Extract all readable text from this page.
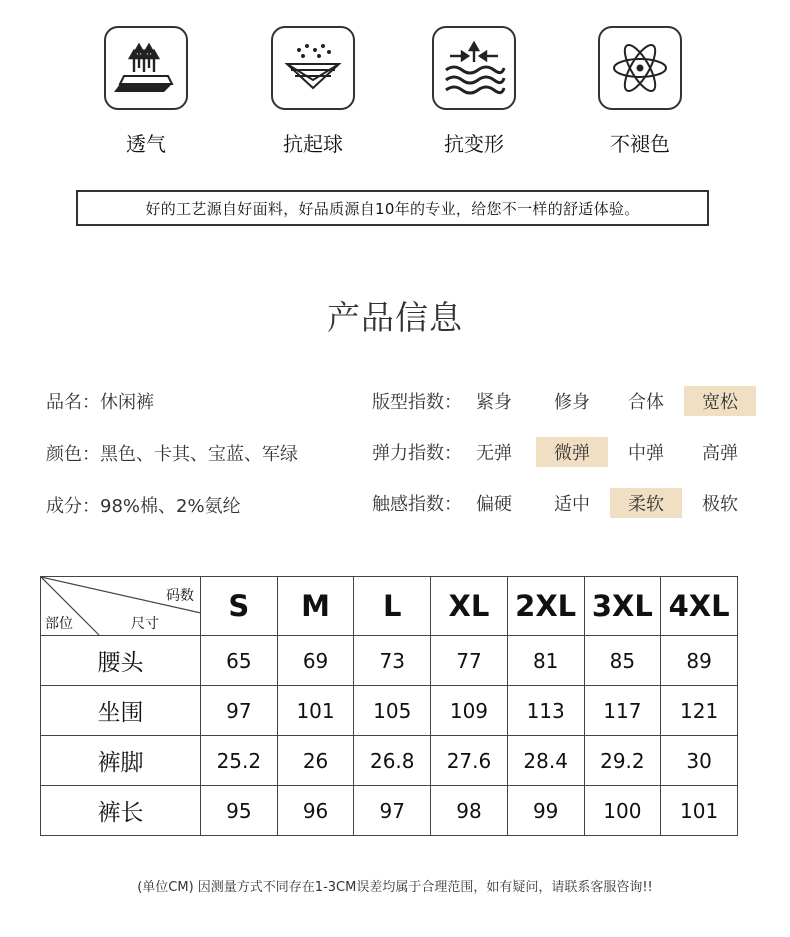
透气	抗起球	抗变形	不褪色
好的工艺源自好面料，好品质源自10年的专业，给您不一样的舒适体验。
产品信息
品名：休闲裤
颜色：黑色、卡其、宝蓝、军绿
成分：98%棉、2%氨纶
版型指数： 紧身	修身	合体	宽松
弹力指数： 无弹	微弹	中弹	高弹
触感指数： 偏硬	适中	柔软	极软
码数
部位 尺寸	S	M	L	XL	2XL	3XL	4XL
腰头	65	69	73	77	81	85	89
坐围	97	101	105	109	113	117	121
裤脚	25.2	26	26.8	27.6	28.4	29.2	30
裤长	95	96	97	98	99	100	101
(单位CM) 因测量方式不同存在1-3CM误差均属于合理范围，如有疑问，请联系客服咨询!!
